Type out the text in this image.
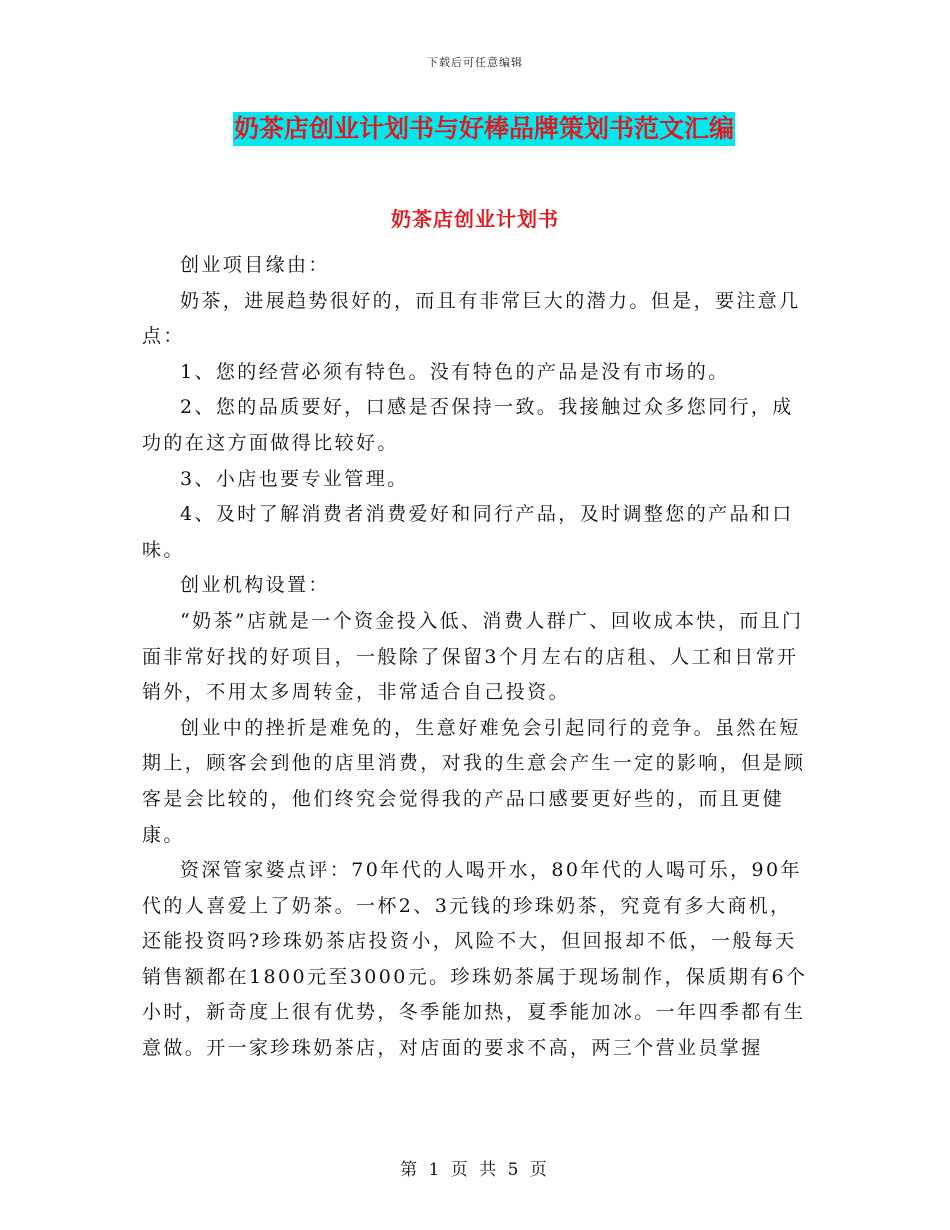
下载后可任意编辑
奶茶店创业计划书与好棒品牌策划书范文汇编
奶茶店创业计划书

创业项目缘由：

奶茶，进展趋势很好的，而且有非常巨大的潜力。但是，要注意几点：

1、您的经营必须有特色。没有特色的产品是没有市场的。

2、您的品质要好，口感是否保持一致。我接触过众多您同行，成功的在这方面做得比较好。

3、小店也要专业管理。

4、及时了解消费者消费爱好和同行产品，及时调整您的产品和口味。

创业机构设置：

“奶茶”店就是一个资金投入低、消费人群广、回收成本快，而且门面非常好找的好项目，一般除了保留3个月左右的店租、人工和日常开销外，不用太多周转金，非常适合自己投资。

创业中的挫折是难免的，生意好难免会引起同行的竞争。虽然在短期上，顾客会到他的店里消费，对我的生意会产生一定的影响，但是顾客是会比较的，他们终究会觉得我的产品口感要更好些的，而且更健康。

资深管家婆点评：70年代的人喝开水，80年代的人喝可乐，90年代的人喜爱上了奶茶。一杯2、3元钱的珍珠奶茶，究竟有多大商机，还能投资吗?珍珠奶茶店投资小，风险不大，但回报却不低，一般每天销售额都在1800元至3000元。珍珠奶茶属于现场制作，保质期有6个小时，新奇度上很有优势，冬季能加热，夏季能加冰。一年四季都有生意做。开一家珍珠奶茶店，对店面的要求不高，两三个营业员掌握

第 1 页 共 5 页
